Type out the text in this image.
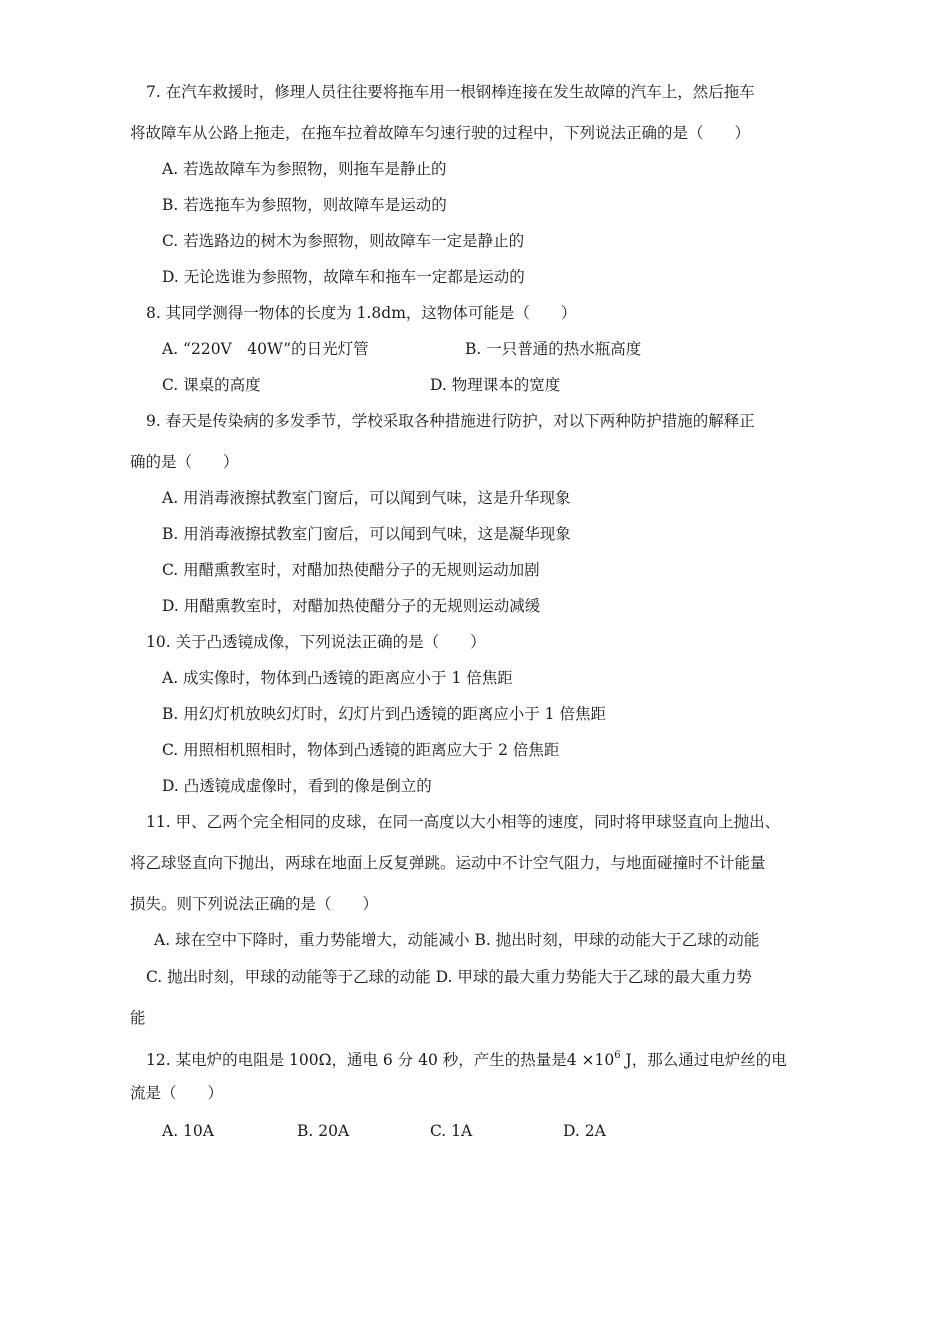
7. 在汽车救援时，修理人员往往要将拖车用一根钢棒连接在发生故障的汽车上，然后拖车
将故障车从公路上拖走，在拖车拉着故障车匀速行驶的过程中，下列说法正确的是（　　）
A. 若选故障车为参照物，则拖车是静止的
B. 若选拖车为参照物，则故障车是运动的
C. 若选路边的树木为参照物，则故障车一定是静止的
D. 无论选谁为参照物，故障车和拖车一定都是运动的
8. 其同学测得一物体的长度为 1.8dm，这物体可能是（　　）
A. “220V　40W”的日光灯管	B. 一只普通的热水瓶高度
C. 课桌的高度	D. 物理课本的宽度
9. 春天是传染病的多发季节，学校采取各种措施进行防护，对以下两种防护措施的解释正
确的是（　　）
A. 用消毒液擦拭教室门窗后，可以闻到气味，这是升华现象
B. 用消毒液擦拭教室门窗后，可以闻到气味，这是凝华现象
C. 用醋熏教室时，对醋加热使醋分子的无规则运动加剧
D. 用醋熏教室时，对醋加热使醋分子的无规则运动减缓
10. 关于凸透镜成像，下列说法正确的是（　　）
A. 成实像时，物体到凸透镜的距离应小于 1 倍焦距
B. 用幻灯机放映幻灯时，幻灯片到凸透镜的距离应小于 1 倍焦距
C. 用照相机照相时，物体到凸透镜的距离应大于 2 倍焦距
D. 凸透镜成虚像时，看到的像是倒立的
11. 甲、乙两个完全相同的皮球，在同一高度以大小相等的速度，同时将甲球竖直向上抛出、
将乙球竖直向下抛出，两球在地面上反复弹跳。运动中不计空气阻力，与地面碰撞时不计能量
损失。则下列说法正确的是（　　）
A. 球在空中下降时，重力势能增大，动能减小 B. 抛出时刻，甲球的动能大于乙球的动能
C. 抛出时刻，甲球的动能等于乙球的动能 D. 甲球的最大重力势能大于乙球的最大重力势
能
12. 某电炉的电阻是 100Ω，通电 6 分 40 秒，产生的热量是$4 \times 10^6$ J，那么通过电炉丝的电
流是（　　）
A. 10A	B. 20A	C. 1A	D. 2A
